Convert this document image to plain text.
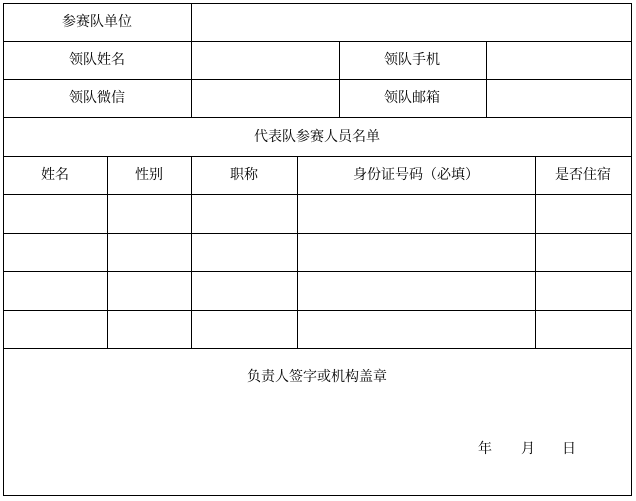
参赛队单位
领队姓名	领队手机
领队微信	领队邮箱
代表队参赛人员名单
姓名	性别	职称	身份证号码（必填）	是否住宿
负责人签字或机构盖章
年 月 日
